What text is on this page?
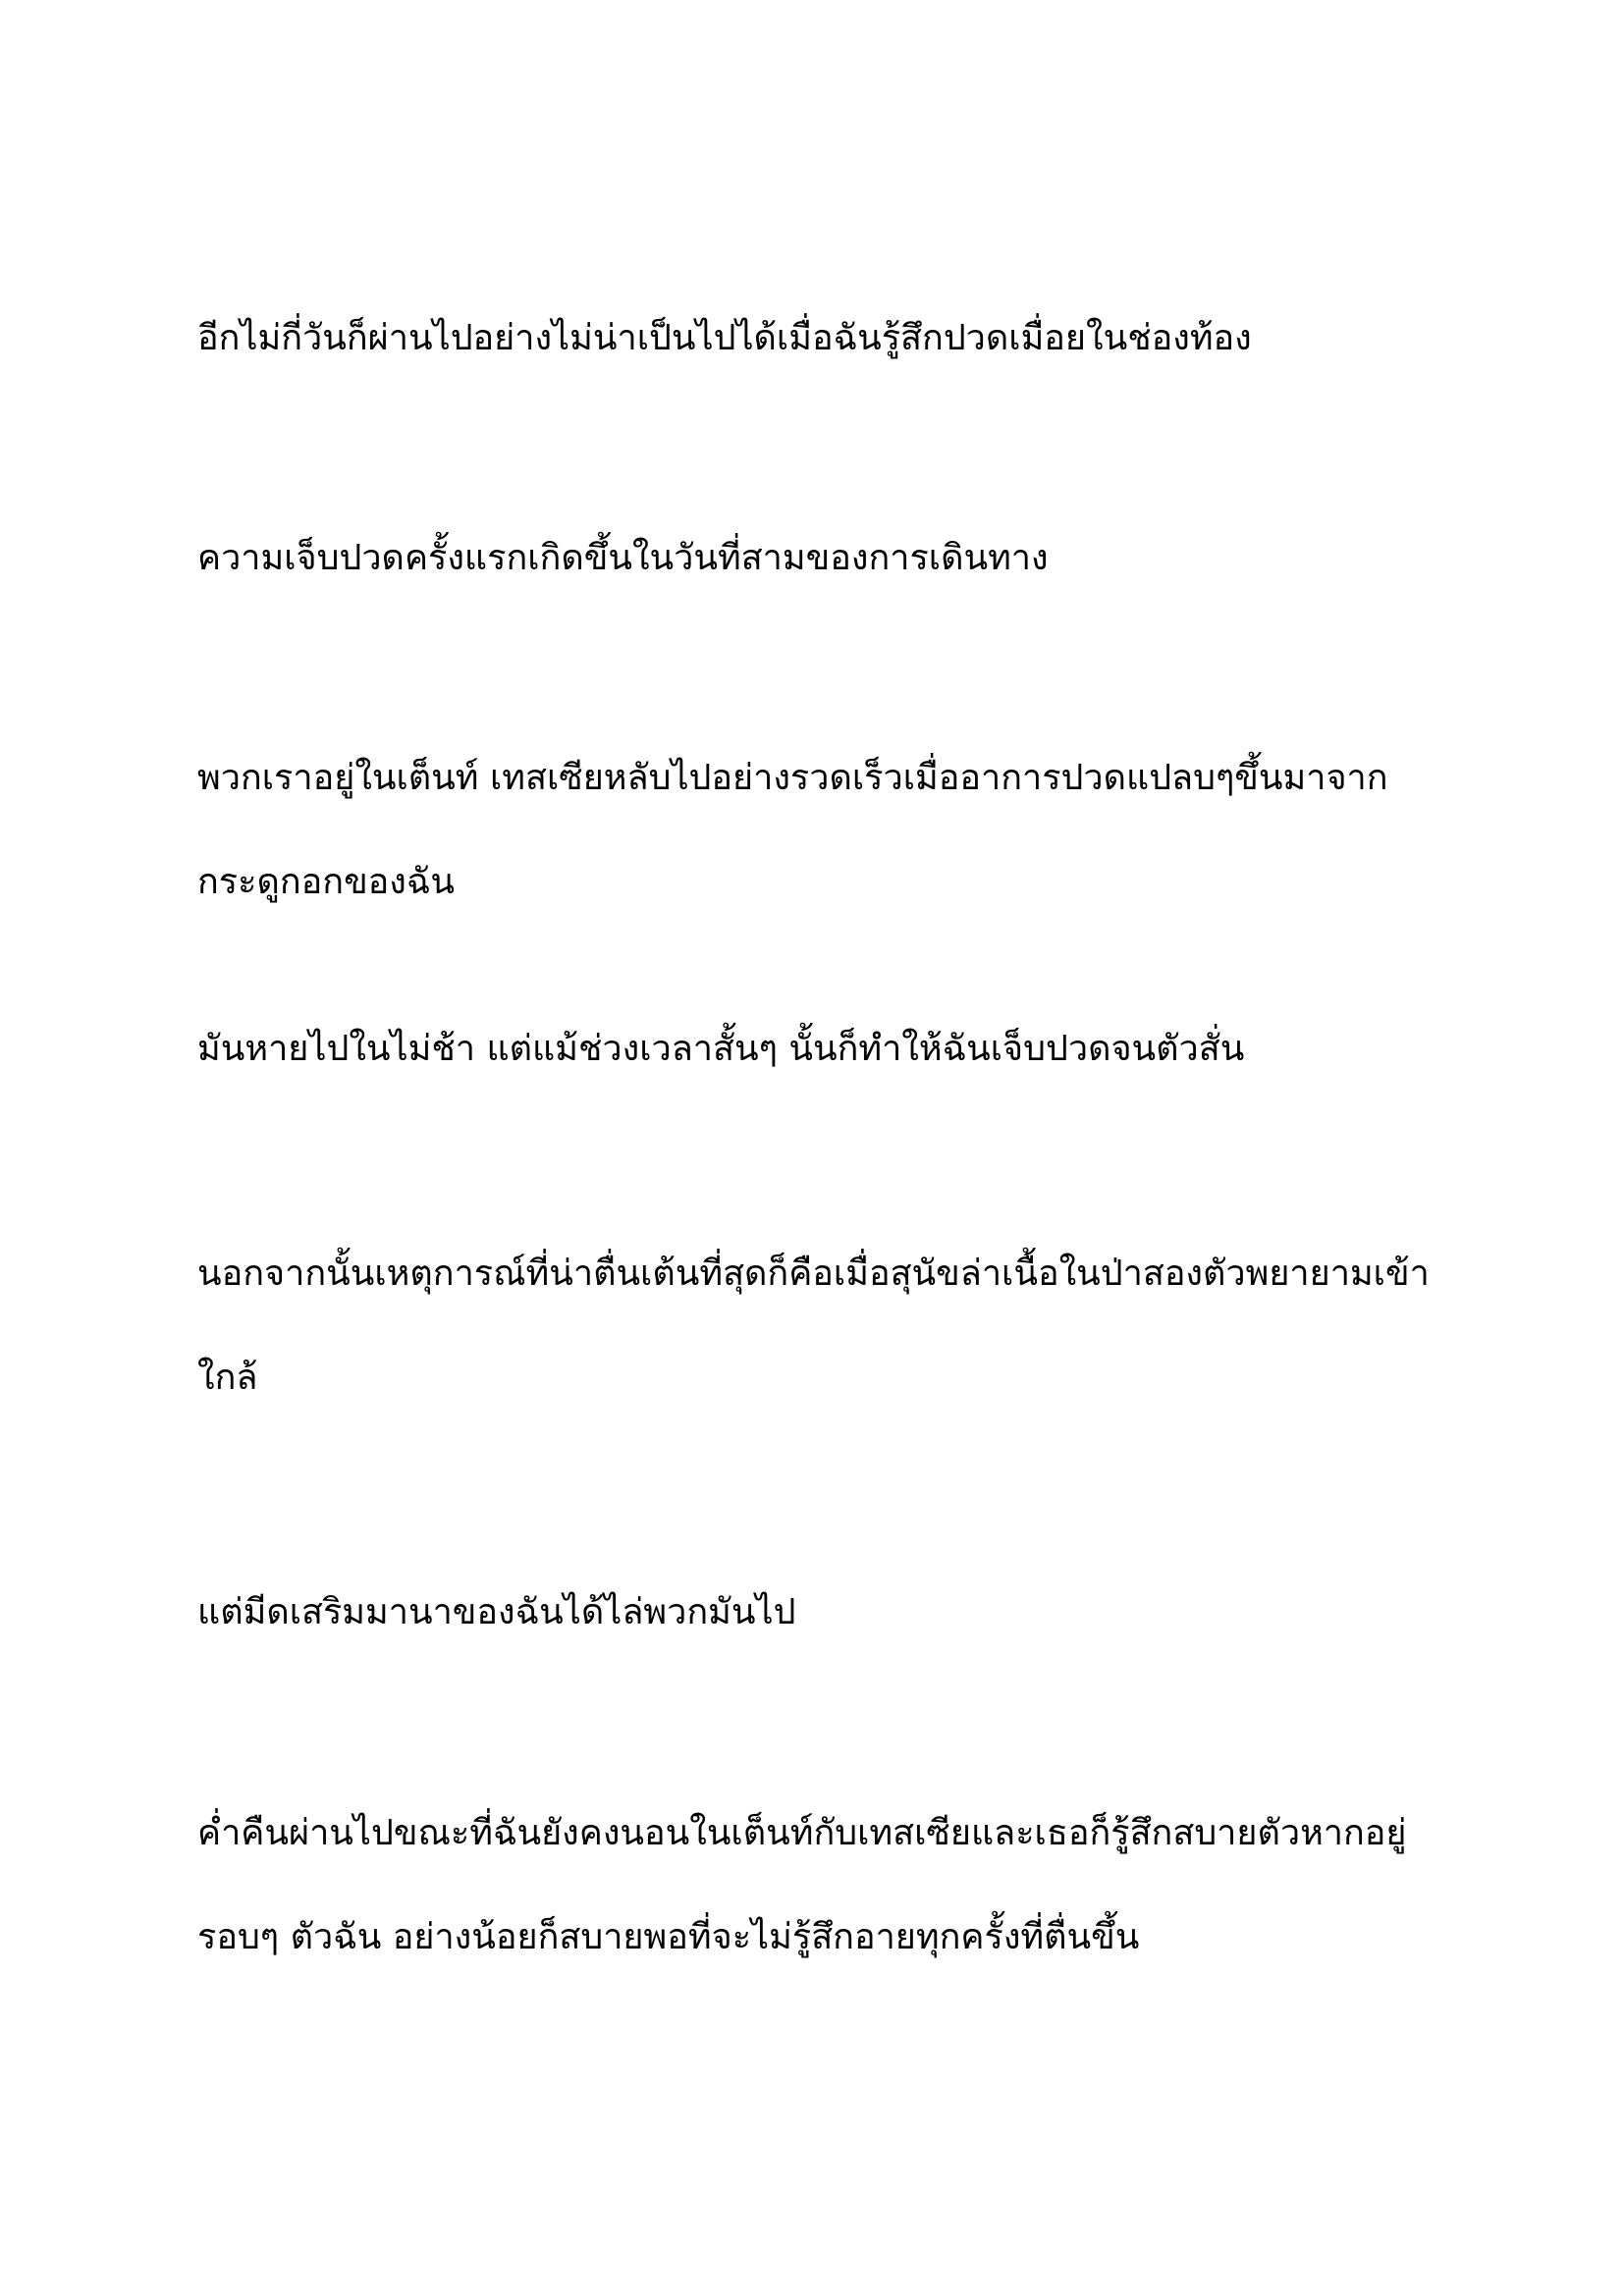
อีกไม่กี่วันก็ผ่านไปอย่างไม่น่าเป็นไปได้เมื่อฉันรู้สึกปวดเมื่อยในช่องท้อง

ความเจ็บปวดครั้งแรกเกิดขึ้นในวันที่สามของการเดินทาง

พวกเราอยู่ในเต็นท์ เทสเซียหลับไปอย่างรวดเร็วเมื่ออาการปวดแปลบๆขึ้นมาจาก
กระดูกอกของฉัน

มันหายไปในไม่ช้า แต่แม้ช่วงเวลาสั้นๆ นั้นก็ทำให้ฉันเจ็บปวดจนตัวสั่น

นอกจากนั้นเหตุการณ์ที่น่าตื่นเต้นที่สุดก็คือเมื่อสุนัขล่าเนื้อในป่าสองตัวพยายามเข้า
ใกล้

แต่มีดเสริมมานาของฉันได้ไล่พวกมันไป

ค่ำคืนผ่านไปขณะที่ฉันยังคงนอนในเต็นท์กับเทสเซียและเธอก็รู้สึกสบายตัวหากอยู่
รอบๆ ตัวฉัน อย่างน้อยก็สบายพอที่จะไม่รู้สึกอายทุกครั้งที่ตื่นขึ้น
